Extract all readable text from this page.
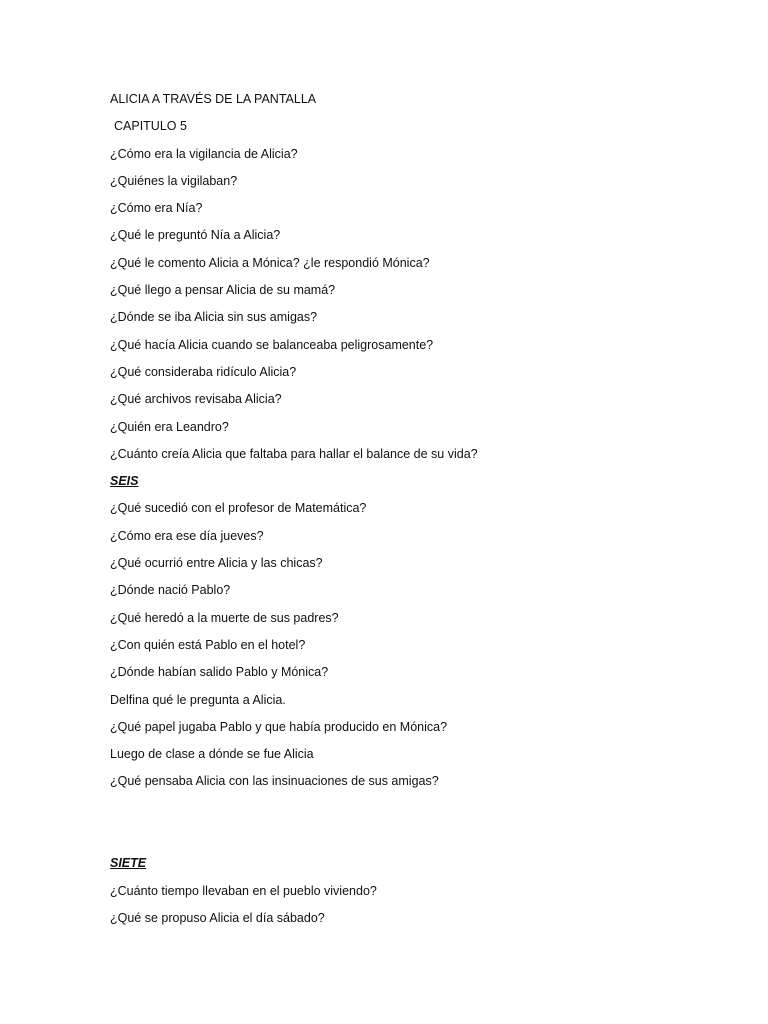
ALICIA A TRAVÉS DE LA PANTALLA
CAPITULO 5
¿Cómo era la vigilancia de Alicia?
¿Quiénes la vigilaban?
¿Cómo era Nía?
¿Qué le preguntó Nía a Alicia?
¿Qué le comento Alicia a Mónica? ¿le respondió Mónica?
¿Qué llego a pensar Alicia de su mamá?
¿Dónde se iba Alicia sin sus amigas?
¿Qué hacía Alicia cuando se balanceaba peligrosamente?
¿Qué consideraba ridículo Alicia?
¿Qué archivos revisaba Alicia?
¿Quién era Leandro?
¿Cuánto creía Alicia que faltaba para hallar el balance de su vida?
SEIS
¿Qué sucedió con el profesor de Matemática?
¿Cómo era ese día jueves?
¿Qué ocurrió entre Alicia y las chicas?
¿Dónde nació Pablo?
¿Qué heredó a la muerte de sus padres?
¿Con quién está Pablo en el hotel?
¿Dónde habían salido Pablo y Mónica?
Delfina qué le pregunta a Alicia.
¿Qué papel jugaba Pablo y que había producido en Mónica?
Luego de clase a dónde se fue Alicia
¿Qué pensaba Alicia con las insinuaciones de sus amigas?
SIETE
¿Cuánto tiempo llevaban en el pueblo viviendo?
¿Qué se propuso Alicia el día sábado?
